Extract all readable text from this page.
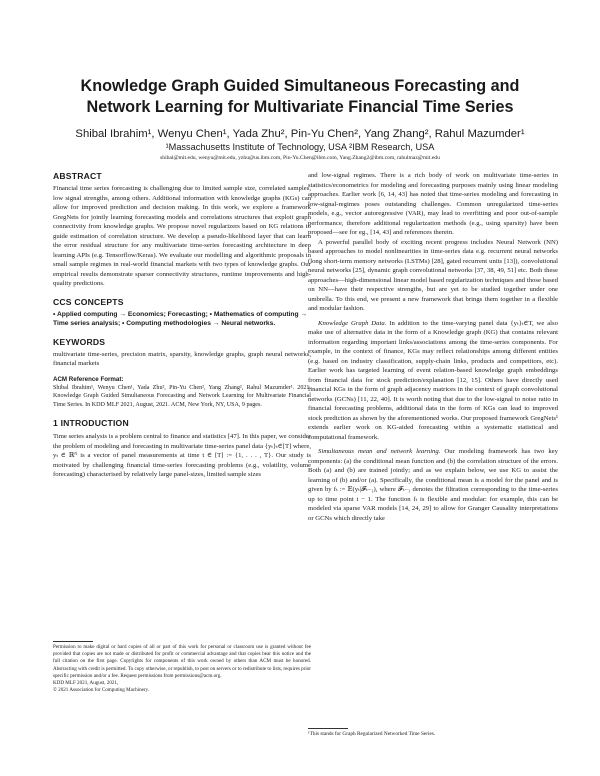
Knowledge Graph Guided Simultaneous Forecasting and
Network Learning for Multivariate Financial Time Series
Shibal Ibrahim¹, Wenyu Chen¹, Yada Zhu², Pin-Yu Chen², Yang Zhang², Rahul Mazumder¹
¹Massachusetts Institute of Technology, USA ²IBM Research, USA
shibal@mit.edu, wenyu@mit.edu, yzhu@us.ibm.com, Pin-Yu.Chen@ibm.com, Yang.Zhang2@ibm.com, rahulmaz@mit.edu
ABSTRACT

Financial time series forecasting is challenging due to limited sample size, correlated samples, low signal strengths, among others. Additional information with knowledge graphs (KGs) can allow for improved prediction and decision making. In this work, we explore a framework GregNets for jointly learning forecasting models and correlations structures that exploit graph connectivity from knowledge graphs. We propose novel regularizers based on KG relations to guide estimation of correlation structure. We develop a pseudo-likelihood layer that can learn the error residual structure for any multivariate time-series forecasting architecture in deep learning APIs (e.g. Tensorflow/Keras). We evaluate our modelling and algorithmic proposals in small sample regimes in real-world financial markets with two types of knowledge graphs. Our empirical results demonstrate sparser connectivity structures, runtime improvements and high-quality predictions.

CCS CONCEPTS

• Applied computing → Economics; Forecasting; • Mathematics of computing → Time series analysis; • Computing methodologies → Neural networks.

KEYWORDS

multivariate time-series, precision matrix, sparsity, knowledge graphs, graph neural networks, financial markets

ACM Reference Format:

Shibal Ibrahim¹, Wenyu Chen¹, Yada Zhu², Pin-Yu Chen², Yang Zhang², Rahul Mazumder¹. 2021. Knowledge Graph Guided Simultaneous Forecasting and Network Learning for Multivariate Financial Time Series. In KDD MLF 2021, August, 2021. ACM, New York, NY, USA, 9 pages.

1 INTRODUCTION

Time series analysis is a problem central to finance and statistics [47]. In this paper, we consider the problem of modeling and forecasting in multivariate time-series panel data {yₜ}ₜ∈[T] where, yₜ ∈ ℝᴺ is a vector of panel measurements at time t ∈ [T] := {1, . . . , T}. Our study is motivated by challenging financial time-series forecasting problems (e.g., volatility, volume forecasting) characterised by relatively large panel-sizes, limited sample sizes

Permission to make digital or hard copies of all or part of this work for personal or classroom use is granted without fee provided that copies are not made or distributed for profit or commercial advantage and that copies bear this notice and the full citation on the first page. Copyrights for components of this work owned by others than ACM must be honored. Abstracting with credit is permitted. To copy otherwise, or republish, to post on servers or to redistribute to lists, requires prior specific permission and/or a fee. Request permissions from permissions@acm.org.
KDD MLF 2021, August, 2021,
© 2021 Association for Computing Machinery.

and low-signal regimes. There is a rich body of work on multivariate time-series in statistics/econometrics for modeling and forecasting purposes mainly using linear modeling approaches. Earlier work [6, 14, 43] has noted that time-series modeling and forecasting in low-signal-regimes poses outstanding challenges. Common unregularized time-series models, e.g., vector autoregressive (VAR), may lead to overfitting and poor out-of-sample performance, therefore additional regularization methods (e.g., using sparsity) have been proposed—see for eg., [14, 43] and references therein.

A powerful parallel body of exciting recent progress includes Neural Network (NN) based approaches to model nonlinearities in time-series data e.g. recurrent neural networks (long short-term memory networks (LSTMs) [28], gated recurrent units [13]), convolutional neural networks [25], dynamic graph convolutional networks [37, 38, 49, 51] etc. Both these approaches—high-dimensional linear model based regularization techniques and those based on NN—have their respective strengths, but are yet to be studied together under one umbrella. To this end, we present a new framework that brings them together in a flexible and modular fashion.

Knowledge Graph Data. In addition to the time-varying panel data {yₜ}ₜ∈T, we also make use of alternative data in the form of a Knowledge graph (KG) that contains relevant information regarding important links/associations among the time-series components. For example, in the context of finance, KGs may reflect relationships among different entities (e.g. based on industry classification, supply-chain links, products and competitors, etc). Earlier work has targeted learning of event relation-based knowledge graph embeddings from financial data for stock prediction/explanation [12, 15]. Others have directly used financial KGs in the form of graph adjacency matrices in the context of graph convolutional networks (GCNs) [11, 22, 40]. It is worth noting that due to the low-signal to noise ratio in financial forecasting problems, additional data in the form of KGs can lead to improved stock prediction as shown by the aforementioned works. Our proposed framework GregNets¹ extends earlier work on KG-aided forecasting within a systematic statistical and computational framework.

Simultaneous mean and network learning. Our modeling framework has two key components: (a) the conditional mean function and (b) the correlation structure of the errors. Both (a) and (b) are trained jointly; and as we explain below, we use KG to assist the learning of (b) and/or (a). Specifically, the conditional mean is a model for the panel and is given by fₜ := 𝔼(yₜ|𝓕ₜ₋₁), where 𝓕ₜ₋₁ denotes the filtration corresponding to the time-series up to time point t − 1. The function fₜ is flexible and modular: for example, this can be modeled via sparse VAR models [14, 24, 29] to allow for Granger Causality interpretations or GCNs which directly take

¹This stands for Graph Regularized Networked Time Series.
